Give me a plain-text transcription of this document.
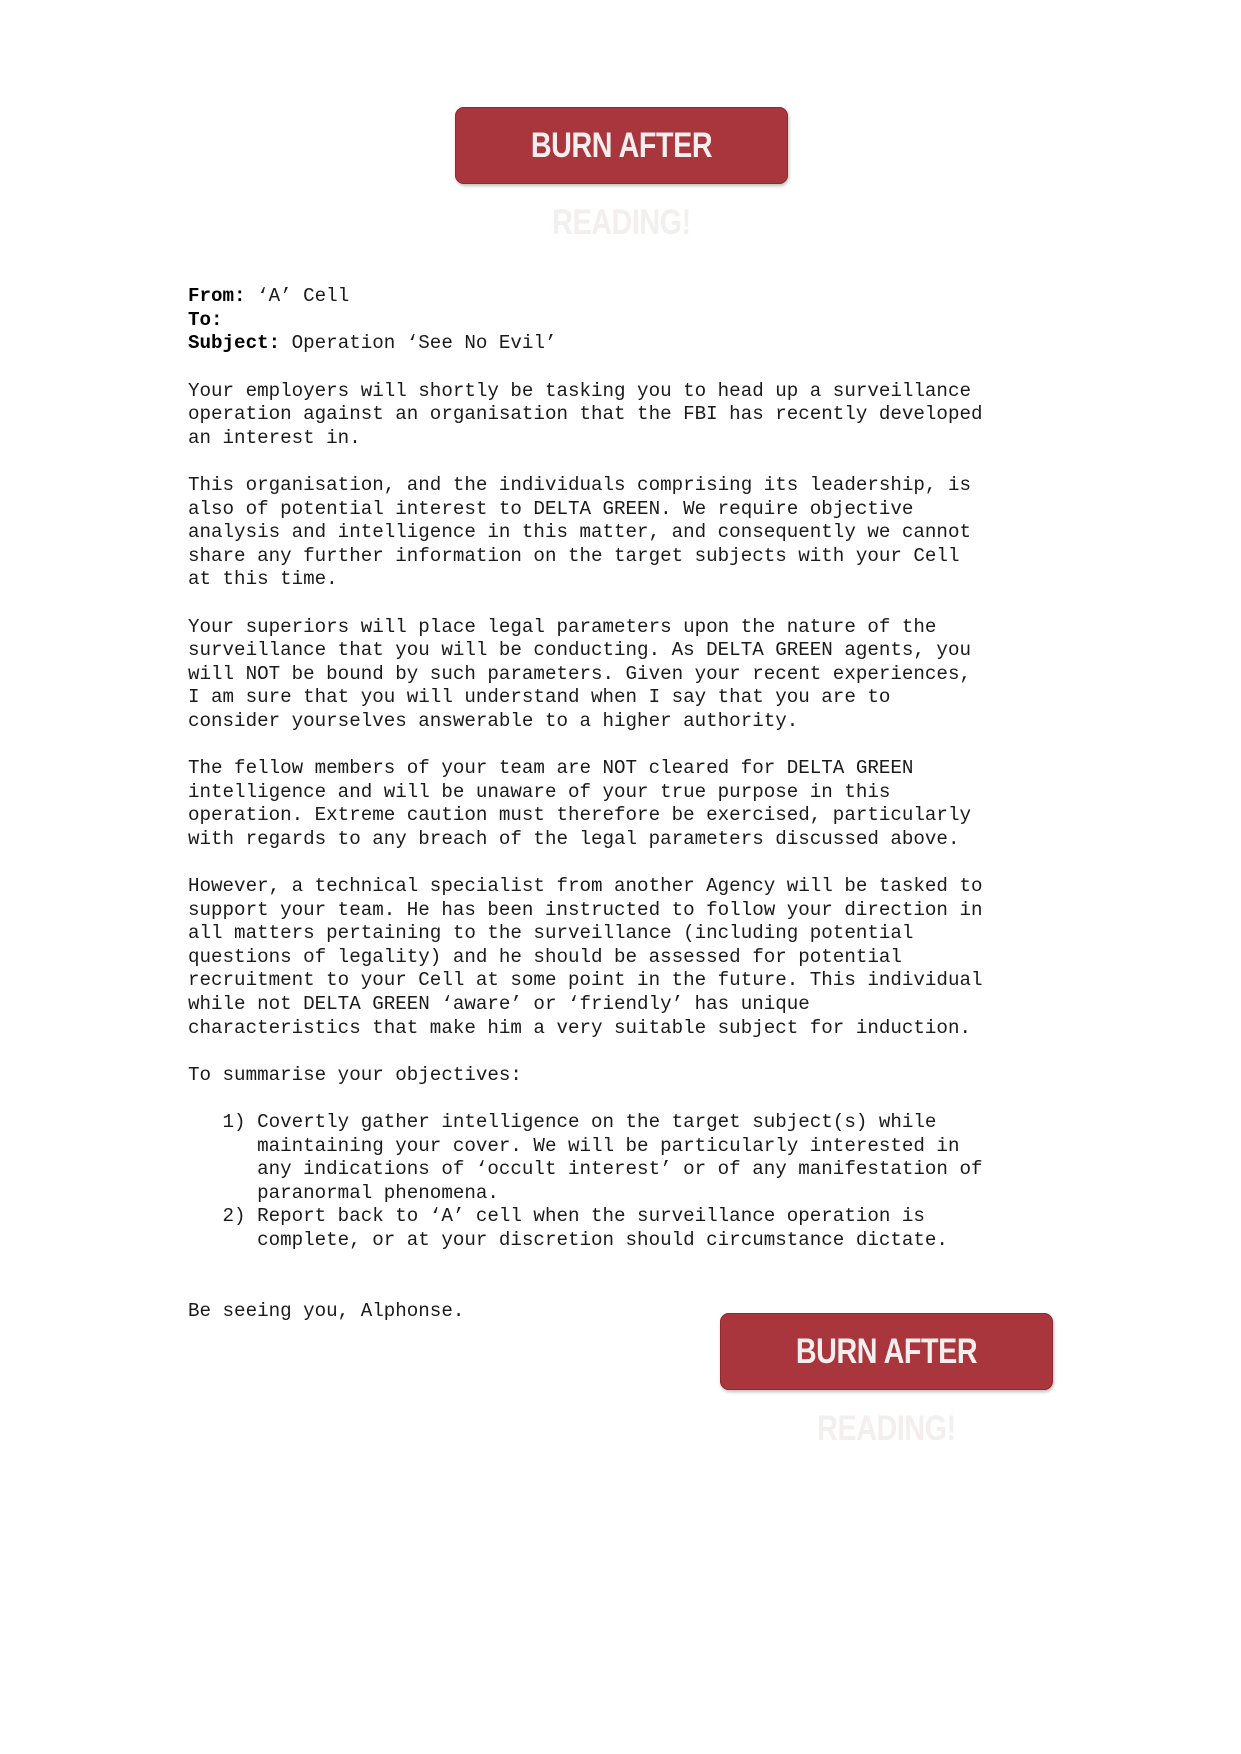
BURN AFTER READING!

From: ‘A’ Cell
To:
Subject: Operation ‘See No Evil’
Your employers will shortly be tasking you to head up a surveillance
operation against an organisation that the FBI has recently developed
an interest in.
This organisation, and the individuals comprising its leadership, is
also of potential interest to DELTA GREEN. We require objective
analysis and intelligence in this matter, and consequently we cannot
share any further information on the target subjects with your Cell
at this time.
Your superiors will place legal parameters upon the nature of the
surveillance that you will be conducting. As DELTA GREEN agents, you
will NOT be bound by such parameters. Given your recent experiences,
I am sure that you will understand when I say that you are to
consider yourselves answerable to a higher authority.
The fellow members of your team are NOT cleared for DELTA GREEN
intelligence and will be unaware of your true purpose in this
operation. Extreme caution must therefore be exercised, particularly
with regards to any breach of the legal parameters discussed above.
However, a technical specialist from another Agency will be tasked to
support your team. He has been instructed to follow your direction in
all matters pertaining to the surveillance (including potential
questions of legality) and he should be assessed for potential
recruitment to your Cell at some point in the future. This individual
while not DELTA GREEN ‘aware’ or ‘friendly’ has unique
characteristics that make him a very suitable subject for induction.
To summarise your objectives:
1) Covertly gather intelligence on the target subject(s) while
maintaining your cover. We will be particularly interested in
any indications of ‘occult interest’ or of any manifestation of
paranormal phenomena.
2) Report back to ‘A’ cell when the surveillance operation is
complete, or at your discretion should circumstance dictate.
Be seeing you, Alphonse.

BURN AFTER READING!
